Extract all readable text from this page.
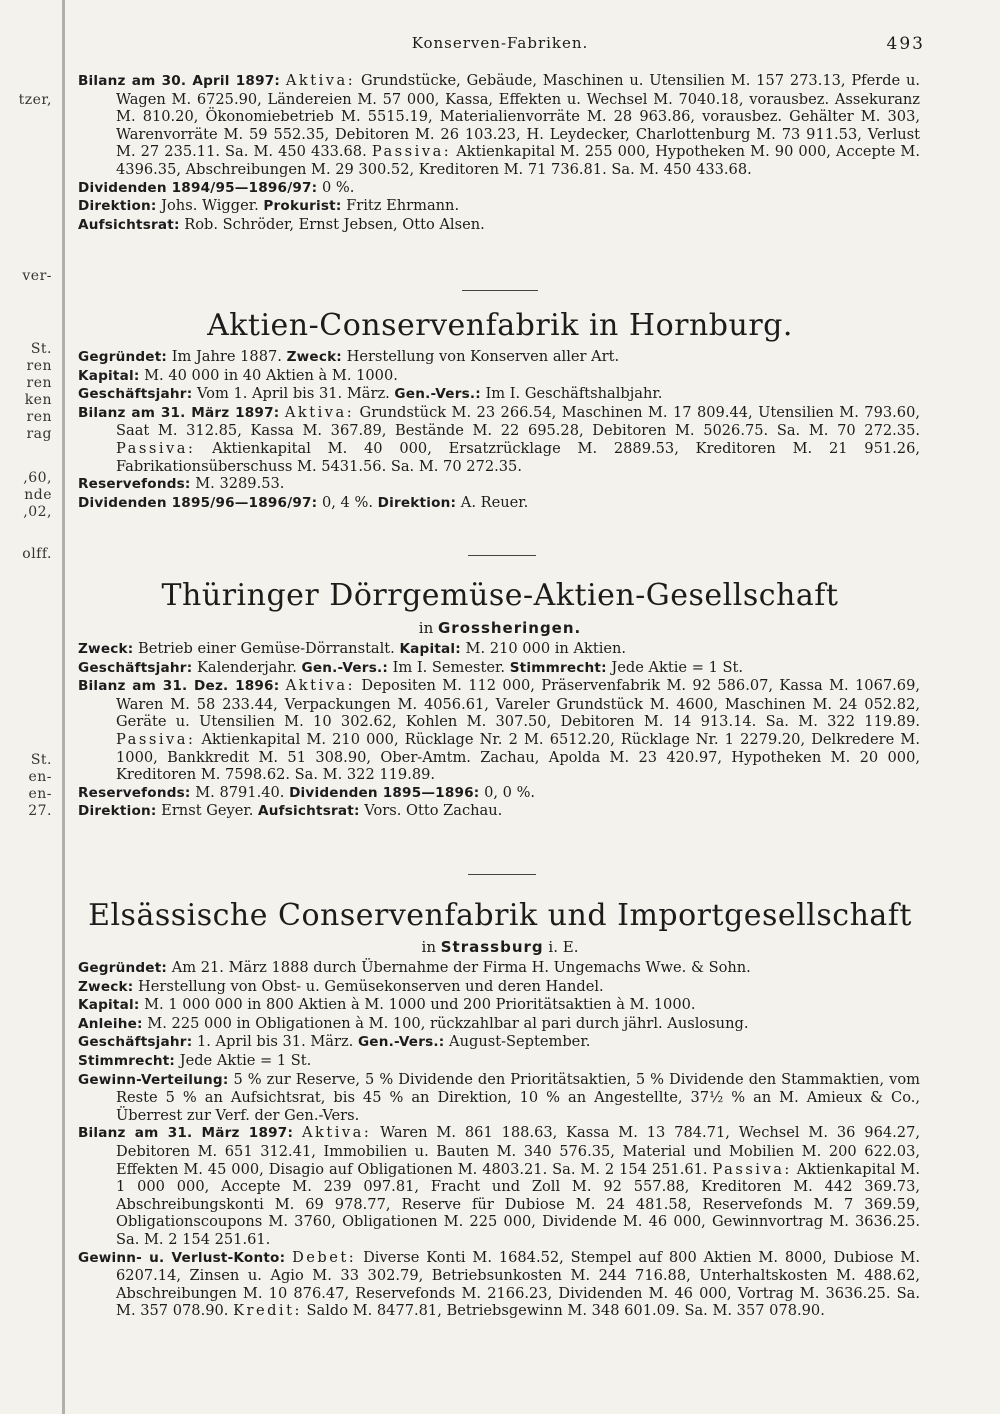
tzer,
ver-
St.
ren
ren
ken
ren
rag
,60,
nde
,02,
olff.
St.
en-
en-
27.
Konserven-Fabriken.	493

Bilanz am 30. April 1897: Aktiva: Grundstücke, Gebäude, Maschinen u. Utensilien M. 157 273.13, Pferde u. Wagen M. 6725.90, Ländereien M. 57 000, Kassa, Effekten u. Wechsel M. 7040.18, vorausbez. Assekuranz M. 810.20, Ökonomiebetrieb M. 5515.19, Materialienvorräte M. 28 963.86, vorausbez. Gehälter M. 303, Warenvorräte M. 59 552.35, Debitoren M. 26 103.23, H. Leydecker, Charlottenburg M. 73 911.53, Verlust M. 27 235.11. Sa. M. 450 433.68. Passiva: Aktienkapital M. 255 000, Hypotheken M. 90 000, Accepte M. 4396.35, Abschreibungen M. 29 300.52, Kreditoren M. 71 736.81. Sa. M. 450 433.68.

Dividenden 1894/95—1896/97: 0 %.

Direktion: Johs. Wigger. Prokurist: Fritz Ehrmann.

Aufsichtsrat: Rob. Schröder, Ernst Jebsen, Otto Alsen.

Aktien-Conservenfabrik in Hornburg.

Gegründet: Im Jahre 1887. Zweck: Herstellung von Konserven aller Art.

Kapital: M. 40 000 in 40 Aktien à M. 1000.

Geschäftsjahr: Vom 1. April bis 31. März. Gen.-Vers.: Im I. Geschäftshalbjahr.

Bilanz am 31. März 1897: Aktiva: Grundstück M. 23 266.54, Maschinen M. 17 809.44, Utensilien M. 793.60, Saat M. 312.85, Kassa M. 367.89, Bestände M. 22 695.28, Debitoren M. 5026.75. Sa. M. 70 272.35. Passiva: Aktienkapital M. 40 000, Ersatzrücklage M. 2889.53, Kreditoren M. 21 951.26, Fabrikationsüberschuss M. 5431.56. Sa. M. 70 272.35.

Reservefonds: M. 3289.53.

Dividenden 1895/96—1896/97: 0, 4 %. Direktion: A. Reuer.

Thüringer Dörrgemüse-Aktien-Gesellschaft
in Grossheringen.

Zweck: Betrieb einer Gemüse-Dörranstalt. Kapital: M. 210 000 in Aktien.

Geschäftsjahr: Kalenderjahr. Gen.-Vers.: Im I. Semester. Stimmrecht: Jede Aktie = 1 St.

Bilanz am 31. Dez. 1896: Aktiva: Depositen M. 112 000, Präservenfabrik M. 92 586.07, Kassa M. 1067.69, Waren M. 58 233.44, Verpackungen M. 4056.61, Vareler Grundstück M. 4600, Maschinen M. 24 052.82, Geräte u. Utensilien M. 10 302.62, Kohlen M. 307.50, Debitoren M. 14 913.14. Sa. M. 322 119.89. Passiva: Aktienkapital M. 210 000, Rücklage Nr. 2 M. 6512.20, Rücklage Nr. 1 2279.20, Delkredere M. 1000, Bankkredit M. 51 308.90, Ober-Amtm. Zachau, Apolda M. 23 420.97, Hypotheken M. 20 000, Kreditoren M. 7598.62. Sa. M. 322 119.89.

Reservefonds: M. 8791.40. Dividenden 1895—1896: 0, 0 %.

Direktion: Ernst Geyer. Aufsichtsrat: Vors. Otto Zachau.

Elsässische Conservenfabrik und Importgesellschaft
in Strassburg i. E.

Gegründet: Am 21. März 1888 durch Übernahme der Firma H. Ungemachs Wwe. & Sohn.

Zweck: Herstellung von Obst- u. Gemüsekonserven und deren Handel.

Kapital: M. 1 000 000 in 800 Aktien à M. 1000 und 200 Prioritätsaktien à M. 1000.

Anleihe: M. 225 000 in Obligationen à M. 100, rückzahlbar al pari durch jährl. Auslosung.

Geschäftsjahr: 1. April bis 31. März. Gen.-Vers.: August-September.

Stimmrecht: Jede Aktie = 1 St.

Gewinn-Verteilung: 5 % zur Reserve, 5 % Dividende den Prioritätsaktien, 5 % Dividende den Stammaktien, vom Reste 5 % an Aufsichtsrat, bis 45 % an Direktion, 10 % an Angestellte, 37½ % an M. Amieux & Co., Überrest zur Verf. der Gen.-Vers.

Bilanz am 31. März 1897: Aktiva: Waren M. 861 188.63, Kassa M. 13 784.71, Wechsel M. 36 964.27, Debitoren M. 651 312.41, Immobilien u. Bauten M. 340 576.35, Material und Mobilien M. 200 622.03, Effekten M. 45 000, Disagio auf Obligationen M. 4803.21. Sa. M. 2 154 251.61. Passiva: Aktienkapital M. 1 000 000, Accepte M. 239 097.81, Fracht und Zoll M. 92 557.88, Kreditoren M. 442 369.73, Abschreibungskonti M. 69 978.77, Reserve für Dubiose M. 24 481.58, Reservefonds M. 7 369.59, Obligationscoupons M. 3760, Obligationen M. 225 000, Dividende M. 46 000, Gewinnvortrag M. 3636.25. Sa. M. 2 154 251.61.

Gewinn- u. Verlust-Konto: Debet: Diverse Konti M. 1684.52, Stempel auf 800 Aktien M. 8000, Dubiose M. 6207.14, Zinsen u. Agio M. 33 302.79, Betriebsunkosten M. 244 716.88, Unterhaltskosten M. 488.62, Abschreibungen M. 10 876.47, Reservefonds M. 2166.23, Dividenden M. 46 000, Vortrag M. 3636.25. Sa. M. 357 078.90. Kredit: Saldo M. 8477.81, Betriebsgewinn M. 348 601.09. Sa. M. 357 078.90.
